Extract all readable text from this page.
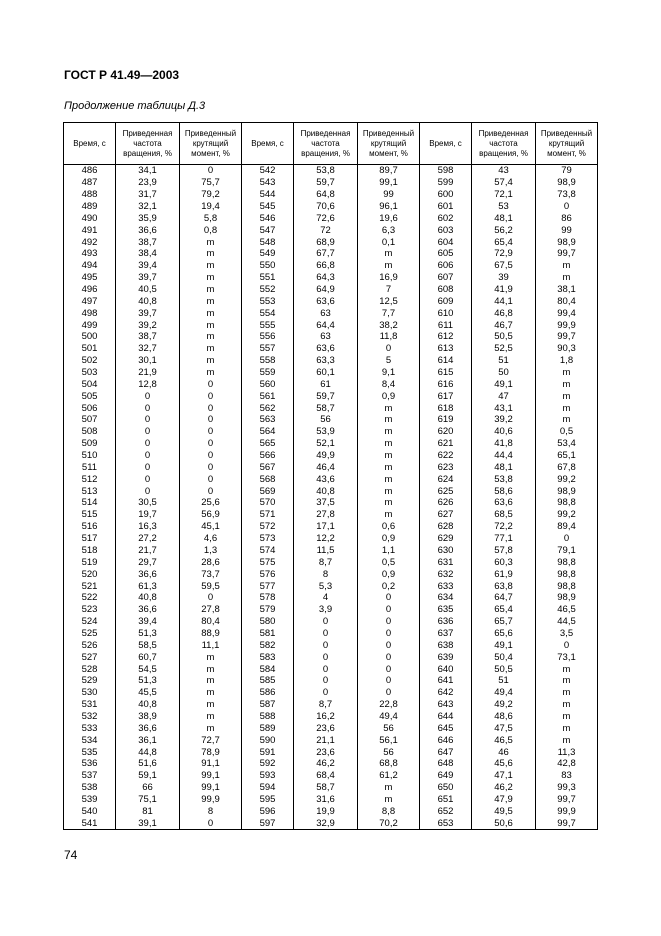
ГОСТ Р 41.49—2003
Продолжение таблицы Д.3
Время, с	Приведенная частота вращения, %	Приведенный крутящий момент, %	Время, с	Приведенная частота вращения, %	Приведенный крутящий момент, %	Время, с	Приведенная частота вращения, %	Приведенный крутящий момент, %
486	34,1	0	542	53,8	89,7	598	43	79
487	23,9	75,7	543	59,7	99,1	599	57,4	98,9
488	31,7	79,2	544	64,8	99	600	72,1	73,8
489	32,1	19,4	545	70,6	96,1	601	53	0
490	35,9	5,8	546	72,6	19,6	602	48,1	86
491	36,6	0,8	547	72	6,3	603	56,2	99
492	38,7	m	548	68,9	0,1	604	65,4	98,9
493	38,4	m	549	67,7	m	605	72,9	99,7
494	39,4	m	550	66,8	m	606	67,5	m
495	39,7	m	551	64,3	16,9	607	39	m
496	40,5	m	552	64,9	7	608	41,9	38,1
497	40,8	m	553	63,6	12,5	609	44,1	80,4
498	39,7	m	554	63	7,7	610	46,8	99,4
499	39,2	m	555	64,4	38,2	611	46,7	99,9
500	38,7	m	556	63	11,8	612	50,5	99,7
501	32,7	m	557	63,6	0	613	52,5	90,3
502	30,1	m	558	63,3	5	614	51	1,8
503	21,9	m	559	60,1	9,1	615	50	m
504	12,8	0	560	61	8,4	616	49,1	m
505	0	0	561	59,7	0,9	617	47	m
506	0	0	562	58,7	m	618	43,1	m
507	0	0	563	56	m	619	39,2	m
508	0	0	564	53,9	m	620	40,6	0,5
509	0	0	565	52,1	m	621	41,8	53,4
510	0	0	566	49,9	m	622	44,4	65,1
511	0	0	567	46,4	m	623	48,1	67,8
512	0	0	568	43,6	m	624	53,8	99,2
513	0	0	569	40,8	m	625	58,6	98,9
514	30,5	25,6	570	37,5	m	626	63,6	98,8
515	19,7	56,9	571	27,8	m	627	68,5	99,2
516	16,3	45,1	572	17,1	0,6	628	72,2	89,4
517	27,2	4,6	573	12,2	0,9	629	77,1	0
518	21,7	1,3	574	11,5	1,1	630	57,8	79,1
519	29,7	28,6	575	8,7	0,5	631	60,3	98,8
520	36,6	73,7	576	8	0,9	632	61,9	98,8
521	61,3	59,5	577	5,3	0,2	633	63,8	98,8
522	40,8	0	578	4	0	634	64,7	98,9
523	36,6	27,8	579	3,9	0	635	65,4	46,5
524	39,4	80,4	580	0	0	636	65,7	44,5
525	51,3	88,9	581	0	0	637	65,6	3,5
526	58,5	11,1	582	0	0	638	49,1	0
527	60,7	m	583	0	0	639	50,4	73,1
528	54,5	m	584	0	0	640	50,5	m
529	51,3	m	585	0	0	641	51	m
530	45,5	m	586	0	0	642	49,4	m
531	40,8	m	587	8,7	22,8	643	49,2	m
532	38,9	m	588	16,2	49,4	644	48,6	m
533	36,6	m	589	23,6	56	645	47,5	m
534	36,1	72,7	590	21,1	56,1	646	46,5	m
535	44,8	78,9	591	23,6	56	647	46	11,3
536	51,6	91,1	592	46,2	68,8	648	45,6	42,8
537	59,1	99,1	593	68,4	61,2	649	47,1	83
538	66	99,1	594	58,7	m	650	46,2	99,3
539	75,1	99,9	595	31,6	m	651	47,9	99,7
540	81	8	596	19,9	8,8	652	49,5	99,9
541	39,1	0	597	32,9	70,2	653	50,6	99,7
74
